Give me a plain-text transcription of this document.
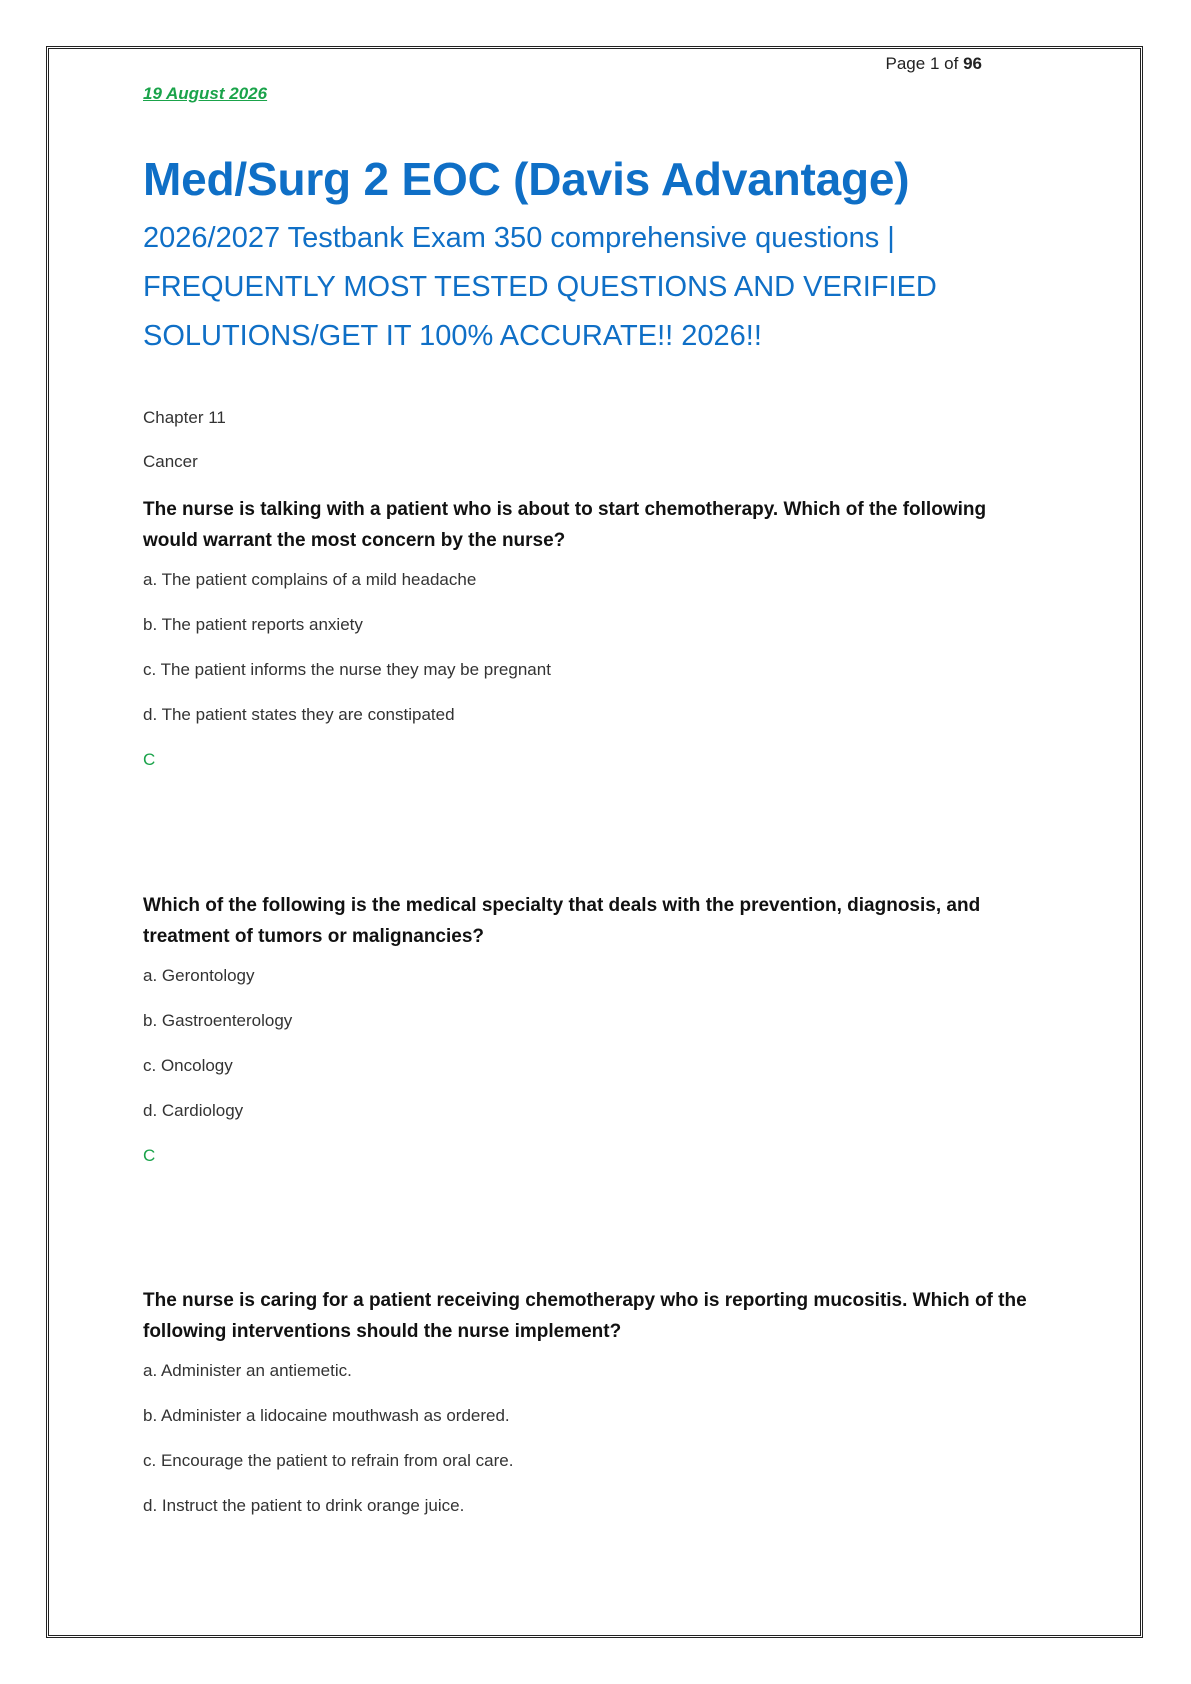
Page 1 of 96
19 August 2026
Med/Surg 2 EOC (Davis Advantage)
2026/2027 Testbank Exam 350 comprehensive questions | FREQUENTLY MOST TESTED QUESTIONS AND VERIFIED SOLUTIONS/GET IT 100% ACCURATE!! 2026!!
Chapter 11
Cancer
The nurse is talking with a patient who is about to start chemotherapy. Which of the following would warrant the most concern by the nurse?
a. The patient complains of a mild headache
b. The patient reports anxiety
c. The patient informs the nurse they may be pregnant
d. The patient states they are constipated
C
Which of the following is the medical specialty that deals with the prevention, diagnosis, and treatment of tumors or malignancies?
a. Gerontology
b. Gastroenterology
c. Oncology
d. Cardiology
C
The nurse is caring for a patient receiving chemotherapy who is reporting mucositis. Which of the following interventions should the nurse implement?
a. Administer an antiemetic.
b. Administer a lidocaine mouthwash as ordered.
c. Encourage the patient to refrain from oral care.
d. Instruct the patient to drink orange juice.
